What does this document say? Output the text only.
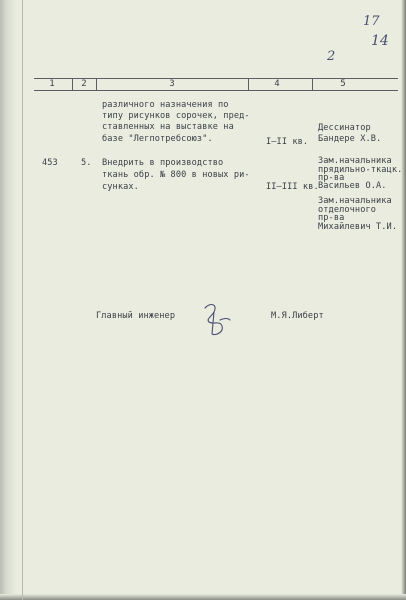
17
14
2
1	2	3	4	5
различного назначения по
типу рисунков сорочек, пред-
ставленных на выставке на
базе "Легпотребсоюз".	I–II кв.
Дессинатор
Бандере Х.В.
453	5. Внедрить в производство
ткань обр. № 800 в новых ри-
сунках.	II–III кв.
Зам.начальника
прядильно-ткацк.
пр-ва
Васильев О.А.
Зам.начальника
отделочного
пр-ва
Михайлевич Т.И.
Главный инженер	М.Я.Либерт
